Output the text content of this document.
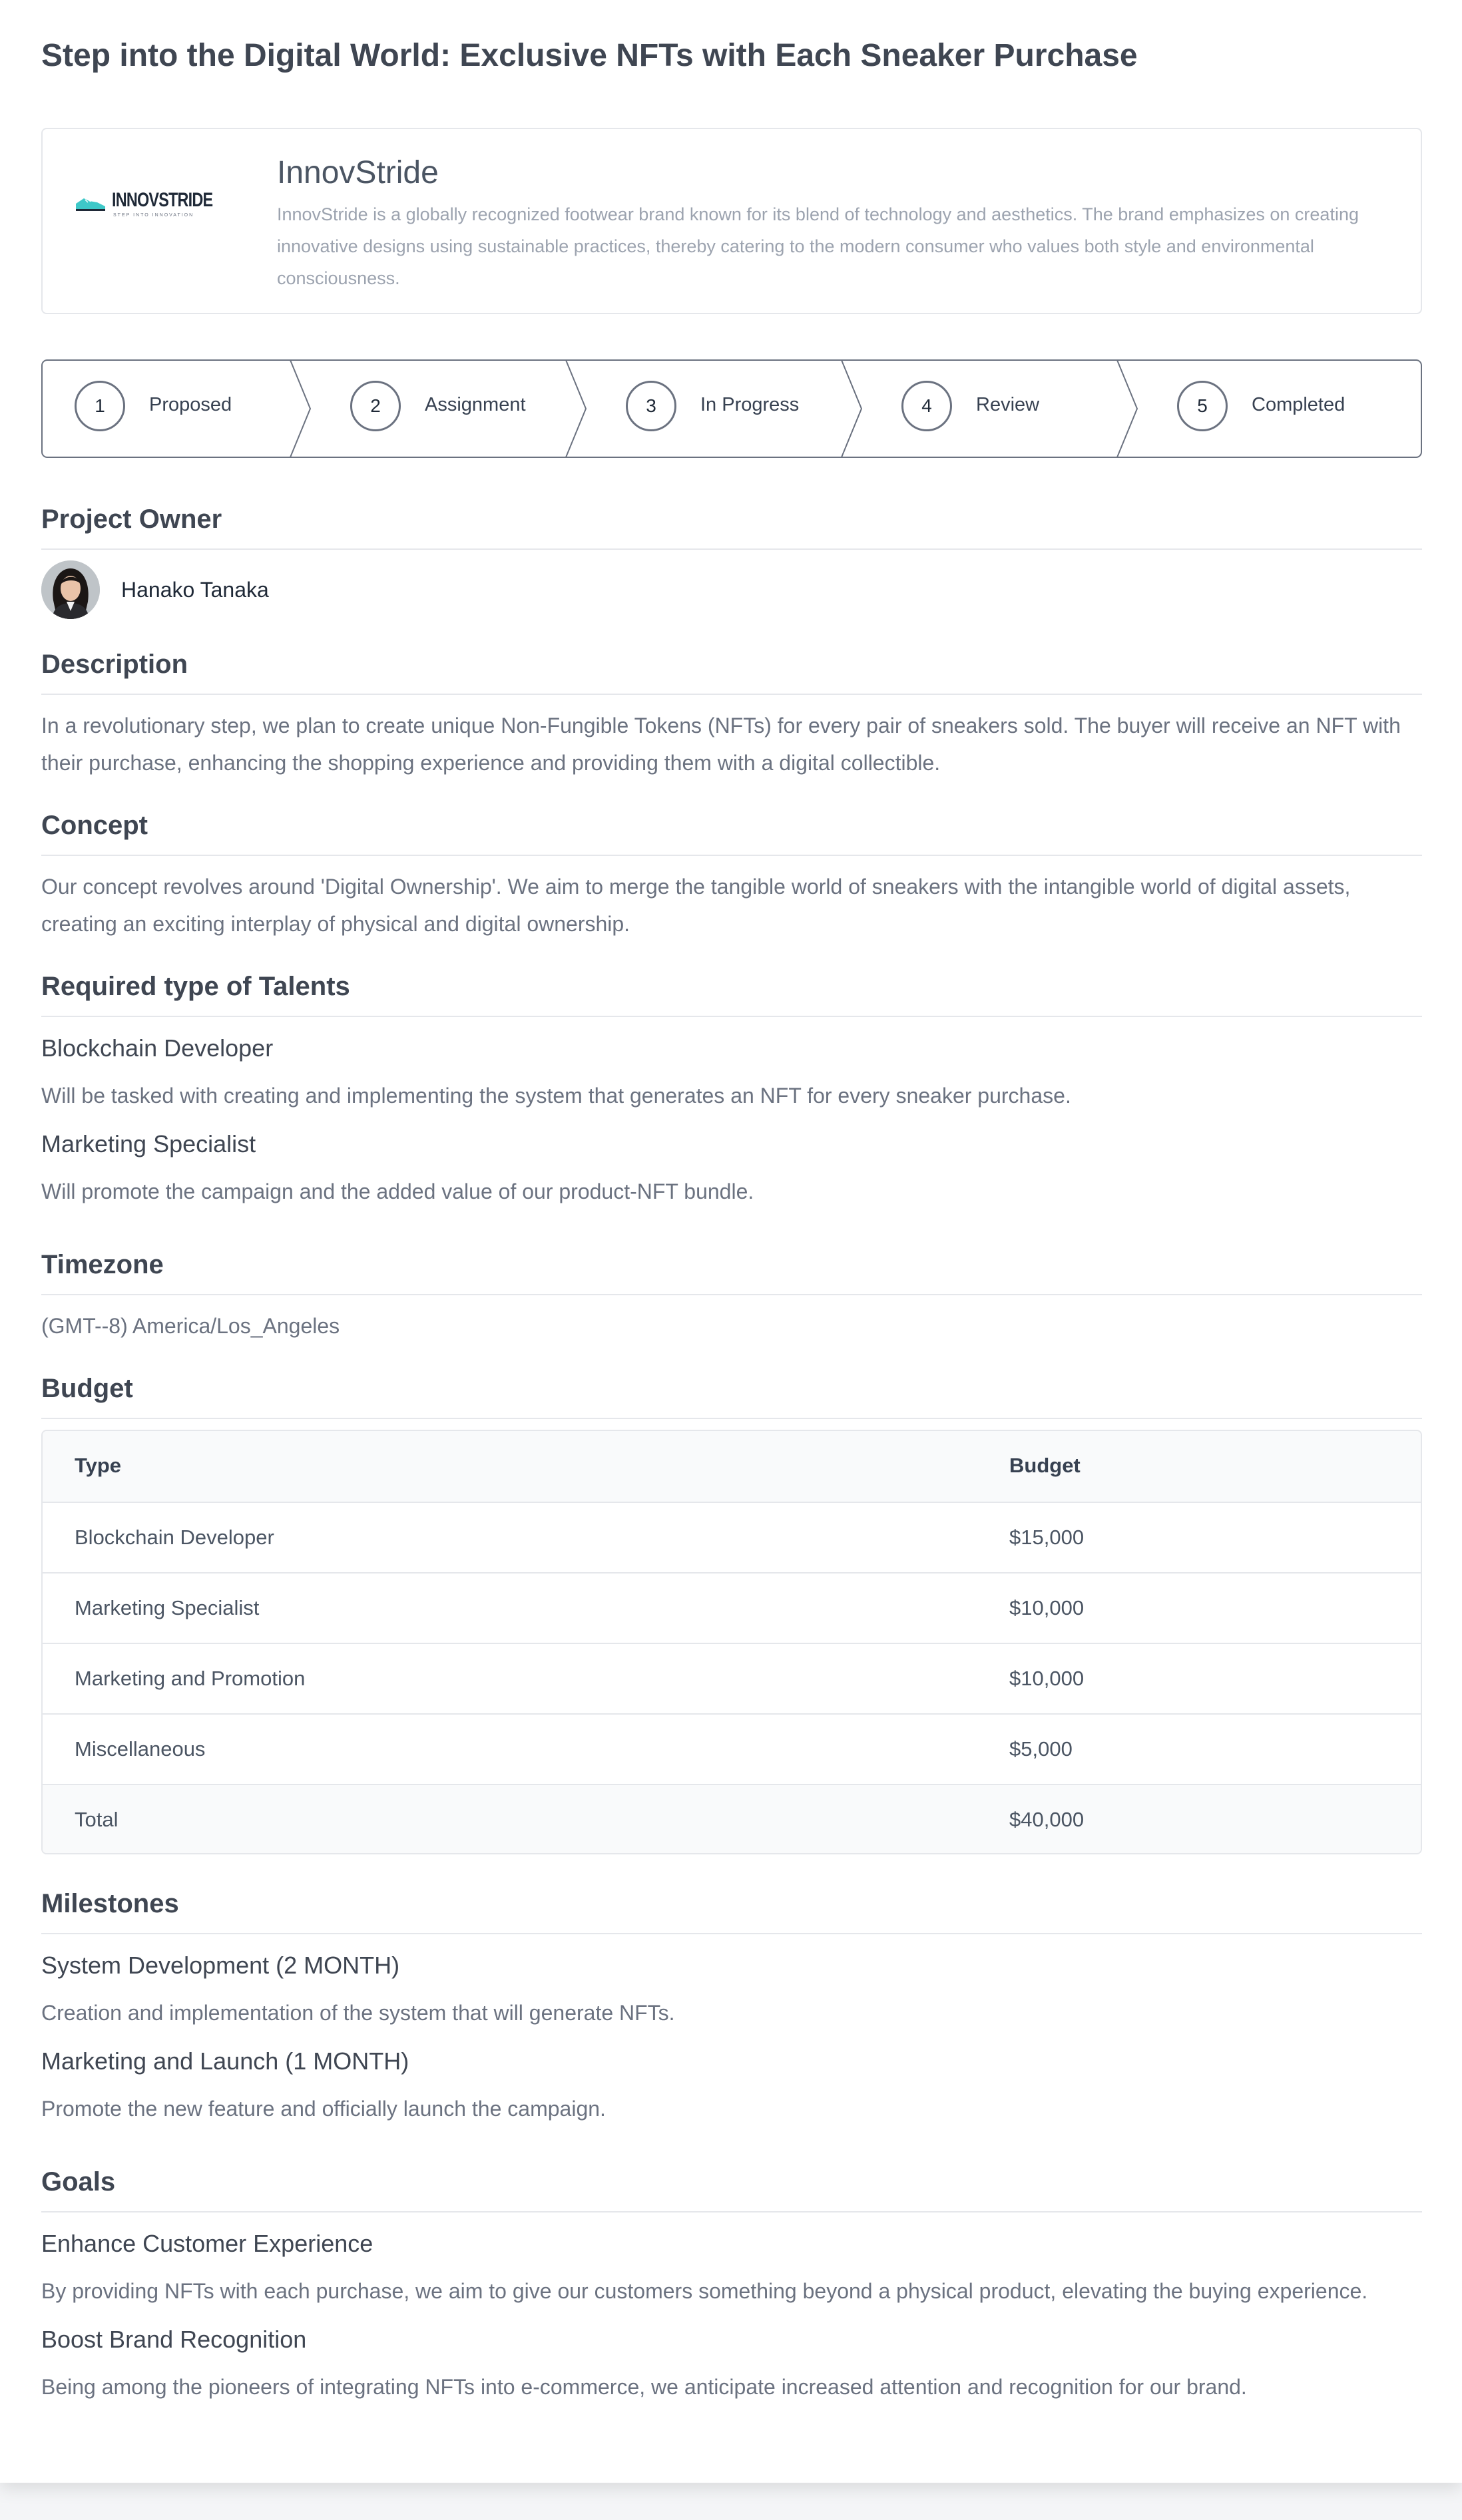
Step into the Digital World: Exclusive NFTs with Each Sneaker Purchase
INNOVSTRIDE
STEP INTO INNOVATION
InnovStride
InnovStride is a globally recognized footwear brand known for its blend of technology and aesthetics. The brand emphasizes on creating innovative designs using sustainable practices, thereby catering to the modern consumer who values both style and environmental consciousness.
1	Proposed	2	Assignment	3	In Progress	4	Review	5	Completed
Project Owner
Hanako Tanaka
Description
In a revolutionary step, we plan to create unique Non-Fungible Tokens (NFTs) for every pair of sneakers sold. The buyer will receive an NFT with their purchase, enhancing the shopping experience and providing them with a digital collectible.
Concept
Our concept revolves around 'Digital Ownership'. We aim to merge the tangible world of sneakers with the intangible world of digital assets, creating an exciting interplay of physical and digital ownership.
Required type of Talents
Blockchain Developer
Will be tasked with creating and implementing the system that generates an NFT for every sneaker purchase.
Marketing Specialist
Will promote the campaign and the added value of our product-NFT bundle.
Timezone
(GMT--8) America/Los_Angeles
Budget
Type	Budget
Blockchain Developer	$15,000
Marketing Specialist	$10,000
Marketing and Promotion	$10,000
Miscellaneous	$5,000
Total	$40,000
Milestones
System Development (2 MONTH)
Creation and implementation of the system that will generate NFTs.
Marketing and Launch (1 MONTH)
Promote the new feature and officially launch the campaign.
Goals
Enhance Customer Experience
By providing NFTs with each purchase, we aim to give our customers something beyond a physical product, elevating the buying experience.
Boost Brand Recognition
Being among the pioneers of integrating NFTs into e-commerce, we anticipate increased attention and recognition for our brand.
